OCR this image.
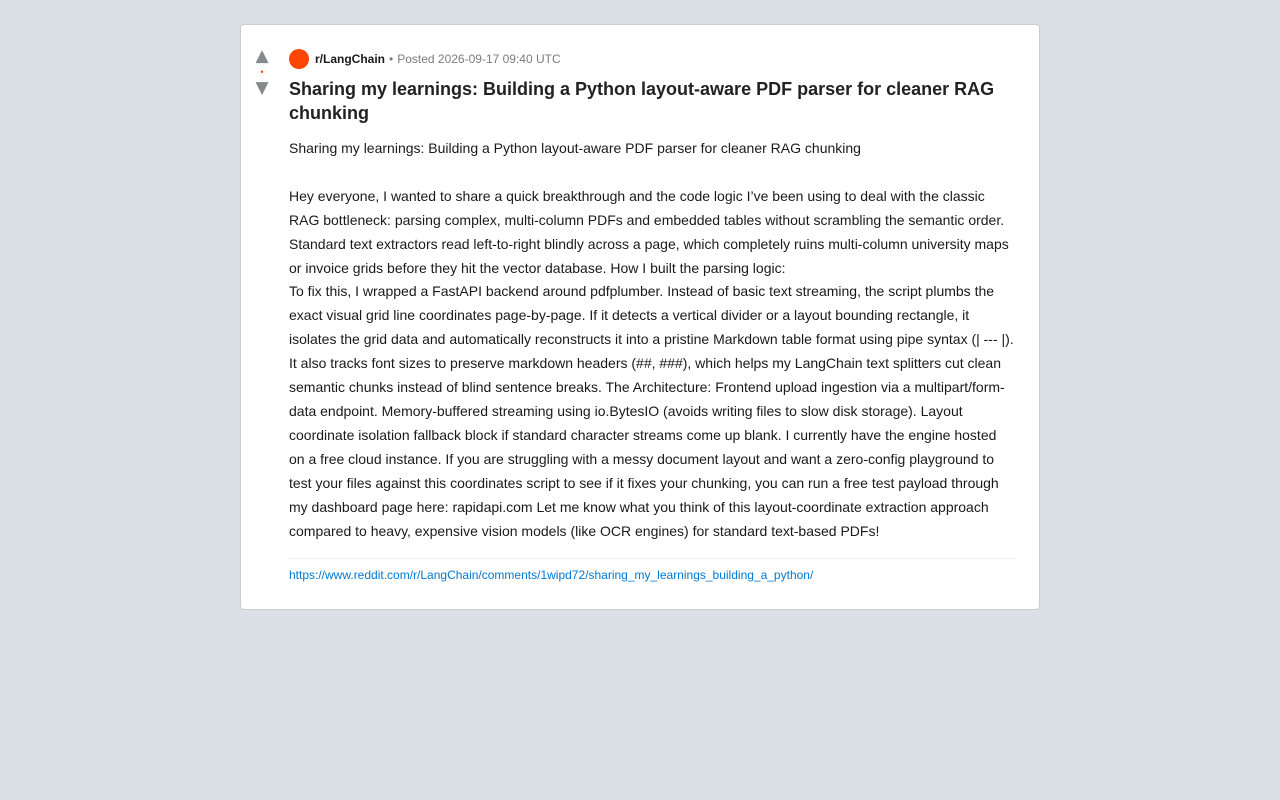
▲
•
▼
r/LangChain • Posted 2026-09-17 09:40 UTC
Sharing my learnings: Building a Python layout-aware PDF parser for cleaner RAG chunking
Sharing my learnings: Building a Python layout-aware PDF parser for cleaner RAG chunking

Hey everyone, I wanted to share a quick breakthrough and the code logic I’ve been using to deal with the classic RAG bottleneck: parsing complex, multi-column PDFs and embedded tables without scrambling the semantic order. Standard text extractors read left-to-right blindly across a page, which completely ruins multi-column university maps or invoice grids before they hit the vector database. How I built the parsing logic:
To fix this, I wrapped a FastAPI backend around pdfplumber. Instead of basic text streaming, the script plumbs the exact visual grid line coordinates page-by-page. If it detects a vertical divider or a layout bounding rectangle, it isolates the grid data and automatically reconstructs it into a pristine Markdown table format using pipe syntax (| --- |). It also tracks font sizes to preserve markdown headers (##, ###), which helps my LangChain text splitters cut clean semantic chunks instead of blind sentence breaks. The Architecture: Frontend upload ingestion via a multipart/form-data endpoint. Memory-buffered streaming using io.BytesIO (avoids writing files to slow disk storage). Layout coordinate isolation fallback block if standard character streams come up blank. I currently have the engine hosted on a free cloud instance. If you are struggling with a messy document layout and want a zero-config playground to test your files against this coordinates script to see if it fixes your chunking, you can run a free test payload through my dashboard page here: rapidapi.com Let me know what you think of this layout-coordinate extraction approach compared to heavy, expensive vision models (like OCR engines) for standard text-based PDFs!
https://www.reddit.com/r/LangChain/comments/1wipd72/sharing_my_learnings_building_a_python/
